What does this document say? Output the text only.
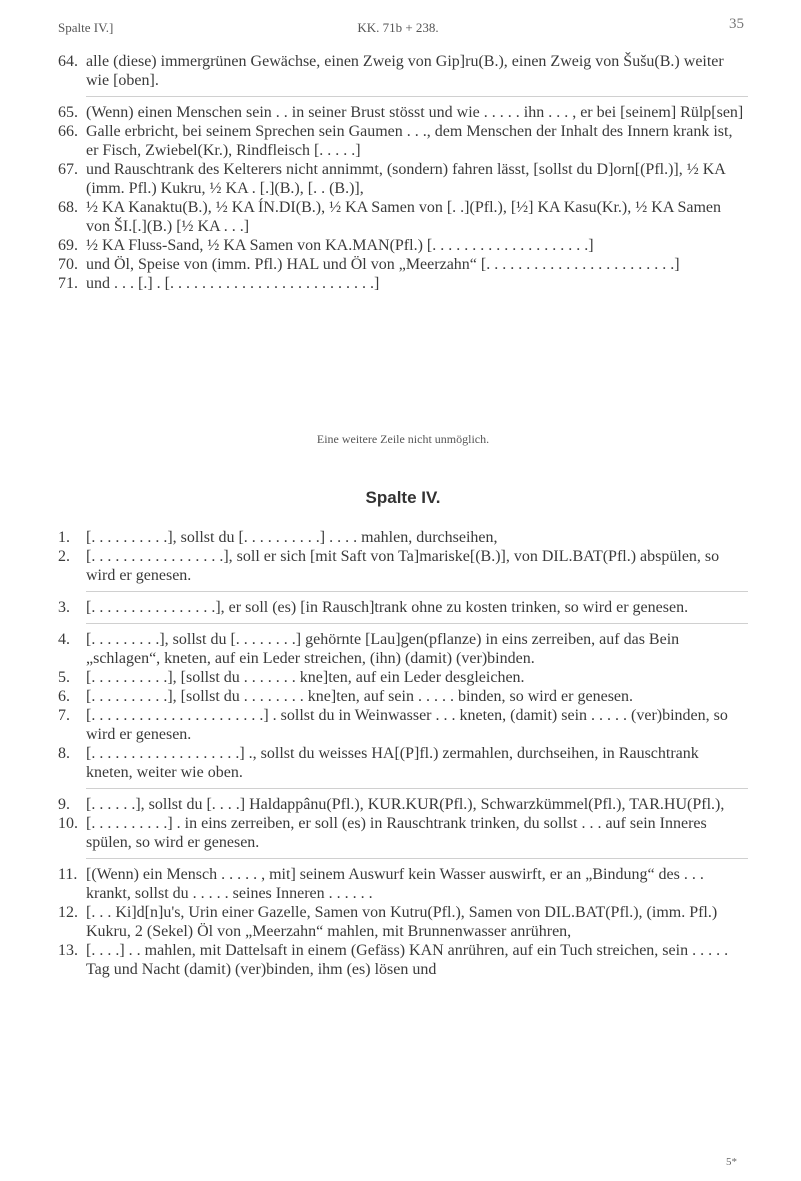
Spalte IV.]	KK. 71b + 238.	35

64. alle (diese) immergrünen Gewächse, einen Zweig von Gip]ru(B.), einen Zweig von Šušu(B.) weiter wie [oben].

65. (Wenn) einen Menschen sein . . in seiner Brust stösst und wie . . . . . ihn . . . , er bei [seinem] Rülp[sen]

66. Galle erbricht, bei seinem Sprechen sein Gaumen . . ., dem Menschen der Inhalt des Innern krank ist, er Fisch, Zwiebel(Kr.), Rindfleisch [. . . . .]

67. und Rauschtrank des Kelterers nicht annimmt, (sondern) fahren lässt, [sollst du D]orn[(Pfl.)], ½ KA (imm. Pfl.) Kukru, ½ KA . [.](B.), [. . (B.)],

68. ½ KA Kanaktu(B.), ½ KA ÍN.DI(B.), ½ KA Samen von [. .](Pfl.), [½] KA Kasu(Kr.), ½ KA Samen von ŠI.[.](B.) [½ KA . . .]

69. ½ KA Fluss-Sand, ½ KA Samen von KA.MAN(Pfl.) [. . . . . . . . . . . . . . . . . . . .]

70. und Öl, Speise von (imm. Pfl.) HAL und Öl von „Meerzahn“ [. . . . . . . . . . . . . . . . . . . . . . . .]

71. und . . . [.] . [. . . . . . . . . . . . . . . . . . . . . . . . . .]

Eine weitere Zeile nicht unmöglich.
Spalte IV.

1. [. . . . . . . . . .], sollst du [. . . . . . . . . .] . . . . mahlen, durchseihen,

2. [. . . . . . . . . . . . . . . . .], soll er sich [mit Saft von Ta]mariske[(B.)], von DIL.BAT(Pfl.) abspülen, so wird er genesen.

3. [. . . . . . . . . . . . . . . .], er soll (es) [in Rausch]trank ohne zu kosten trinken, so wird er genesen.

4. [. . . . . . . . .], sollst du [. . . . . . . .] gehörnte [Lau]gen(pflanze) in eins zerreiben, auf das Bein „schlagen“, kneten, auf ein Leder streichen, (ihn) (damit) (ver)binden.

5. [. . . . . . . . . .], [sollst du . . . . . . . kne]ten, auf ein Leder desgleichen.

6. [. . . . . . . . . .], [sollst du . . . . . . . . kne]ten, auf sein . . . . . binden, so wird er genesen.

7. [. . . . . . . . . . . . . . . . . . . . . .] . sollst du in Weinwasser . . . kneten, (damit) sein . . . . . (ver)binden, so wird er genesen.

8. [. . . . . . . . . . . . . . . . . . .] ., sollst du weisses HA[(P]fl.) zermahlen, durchseihen, in Rauschtrank kneten, weiter wie oben.

9. [. . . . . .], sollst du [. . . .] Haldappânu(Pfl.), KUR.KUR(Pfl.), Schwarzkümmel(Pfl.), TAR.HU(Pfl.),

10. [. . . . . . . . . .] . in eins zerreiben, er soll (es) in Rauschtrank trinken, du sollst . . . auf sein Inneres spülen, so wird er genesen.

11. [(Wenn) ein Mensch . . . . . , mit] seinem Auswurf kein Wasser auswirft, er an „Bindung“ des . . . krankt, sollst du . . . . . seines Inneren . . . . . .

12. [. . . Ki]d[n]u's, Urin einer Gazelle, Samen von Kutru(Pfl.), Samen von DIL.BAT(Pfl.), (imm. Pfl.) Kukru, 2 (Sekel) Öl von „Meerzahn“ mahlen, mit Brunnenwasser anrühren,

13. [. . . .] . . mahlen, mit Dattelsaft in einem (Gefäss) KAN anrühren, auf ein Tuch streichen, sein . . . . . Tag und Nacht (damit) (ver)binden, ihm (es) lösen und

5*
